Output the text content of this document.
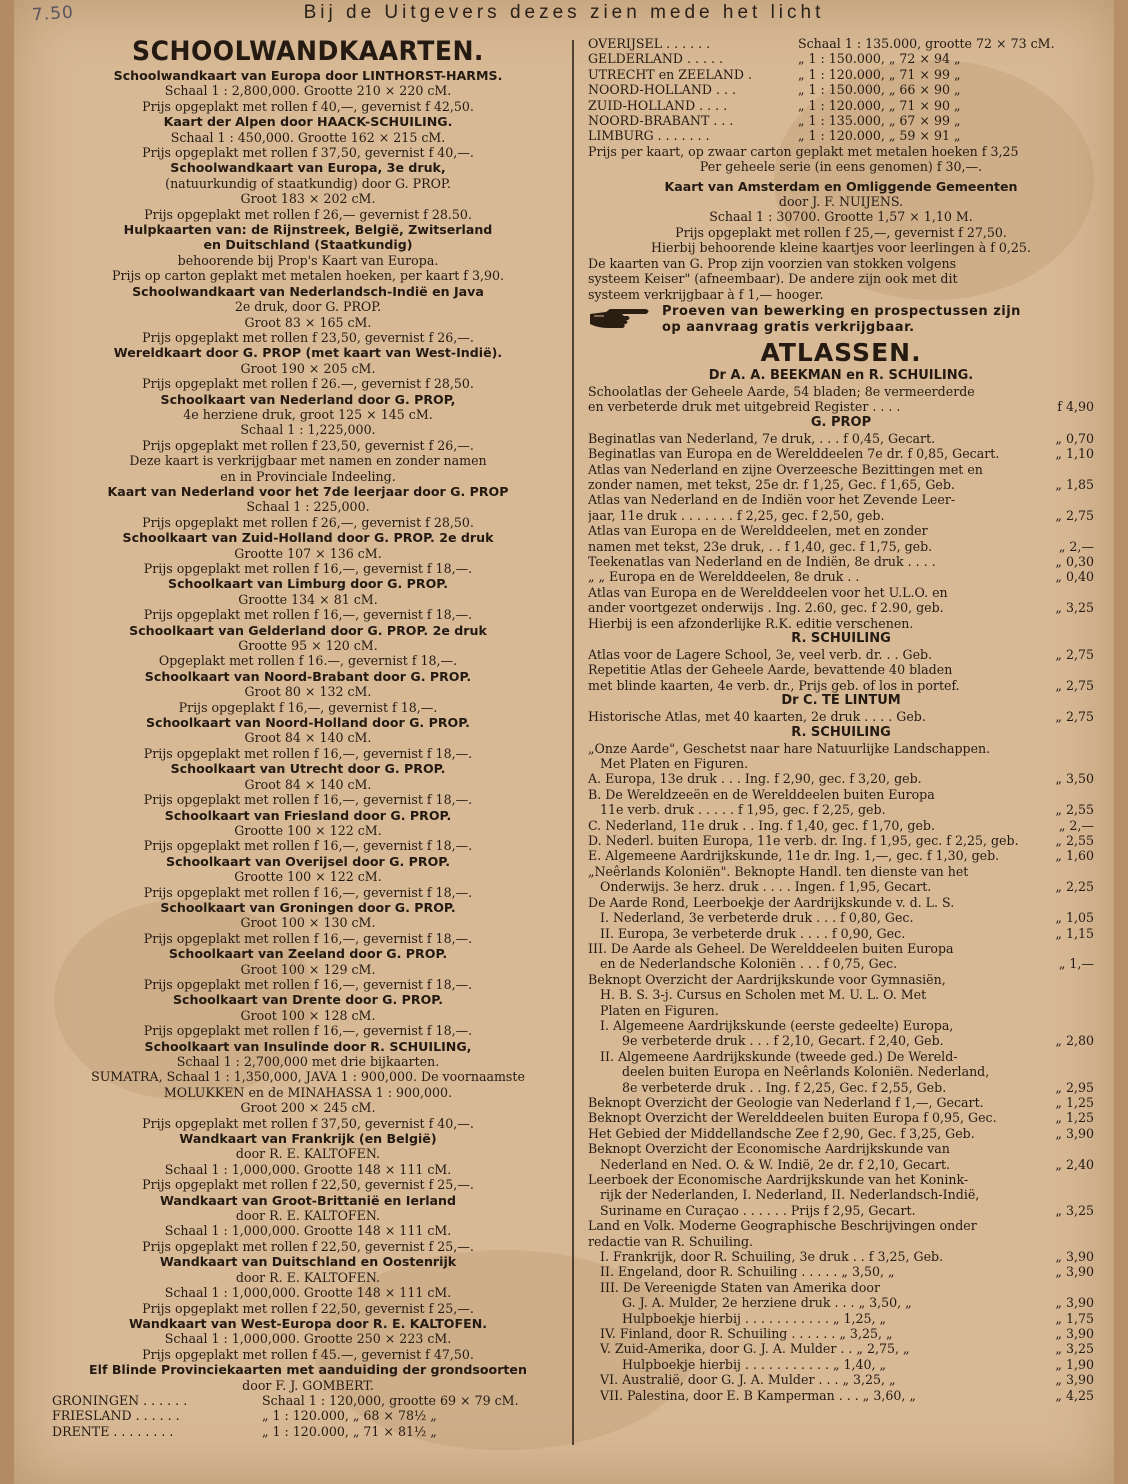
7.50	Bij de Uitgevers dezes zien mede het licht
SCHOOLWANDKAARTEN.
Schoolwandkaart van Europa door LINTHORST-HARMS.
Schaal 1 : 2,800,000. Grootte 210 × 220 cM.
Prijs opgeplakt met rollen f 40,—, gevernist f 42,50.
Kaart der Alpen door HAACK-SCHUILING.
Schaal 1 : 450,000. Grootte 162 × 215 cM.
Prijs opgeplakt met rollen f 37,50, gevernist f 40,—.
Schoolwandkaart van Europa, 3e druk,
(natuurkundig of staatkundig) door G. PROP.
Groot 183 × 202 cM.
Prijs opgeplakt met rollen f 26,— gevernist f 28.50.
Hulpkaarten van: de Rijnstreek, België, Zwitserland
en Duitschland (Staatkundig)
behoorende bij Prop's Kaart van Europa.
Prijs op carton geplakt met metalen hoeken, per kaart f 3,90.
Schoolwandkaart van Nederlandsch-Indië en Java
2e druk, door G. PROP.
Groot 83 × 165 cM.
Prijs opgeplakt met rollen f 23,50, gevernist f 26,—.
Wereldkaart door G. PROP (met kaart van West-Indië).
Groot 190 × 205 cM.
Prijs opgeplakt met rollen f 26.—, gevernist f 28,50.
Schoolkaart van Nederland door G. PROP,
4e herziene druk, groot 125 × 145 cM.
Schaal 1 : 1,225,000.
Prijs opgeplakt met rollen f 23,50, gevernist f 26,—.
Deze kaart is verkrijgbaar met namen en zonder namen
en in Provinciale Indeeling.
Kaart van Nederland voor het 7de leerjaar door G. PROP
Schaal 1 : 225,000.
Prijs opgeplakt met rollen f 26,—, gevernist f 28,50.
Schoolkaart van Zuid-Holland door G. PROP. 2e druk
Grootte 107 × 136 cM.
Prijs opgeplakt met rollen f 16,—, gevernist f 18,—.
Schoolkaart van Limburg door G. PROP.
Grootte 134 × 81 cM.
Prijs opgeplakt met rollen f 16,—, gevernist f 18,—.
Schoolkaart van Gelderland door G. PROP. 2e druk
Grootte 95 × 120 cM.
Opgeplakt met rollen f 16.—, gevernist f 18,—.
Schoolkaart van Noord-Brabant door G. PROP.
Groot 80 × 132 cM.
Prijs opgeplakt f 16,—, gevernist f 18,—.
Schoolkaart van Noord-Holland door G. PROP.
Groot 84 × 140 cM.
Prijs opgeplakt met rollen f 16,—, gevernist f 18,—.
Schoolkaart van Utrecht door G. PROP.
Groot 84 × 140 cM.
Prijs opgeplakt met rollen f 16,—, gevernist f 18,—.
Schoolkaart van Friesland door G. PROP.
Grootte 100 × 122 cM.
Prijs opgeplakt met rollen f 16,—, gevernist f 18,—.
Schoolkaart van Overijsel door G. PROP.
Grootte 100 × 122 cM.
Prijs opgeplakt met rollen f 16,—, gevernist f 18,—.
Schoolkaart van Groningen door G. PROP.
Groot 100 × 130 cM.
Prijs opgeplakt met rollen f 16,—, gevernist f 18,—.
Schoolkaart van Zeeland door G. PROP.
Groot 100 × 129 cM.
Prijs opgeplakt met rollen f 16,—, gevernist f 18,—.
Schoolkaart van Drente door G. PROP.
Groot 100 × 128 cM.
Prijs opgeplakt met rollen f 16,—, gevernist f 18,—.
Schoolkaart van Insulinde door R. SCHUILING,
Schaal 1 : 2,700,000 met drie bijkaarten.
SUMATRA, Schaal 1 : 1,350,000, JAVA 1 : 900,000. De voornaamste
MOLUKKEN en de MINAHASSA 1 : 900,000.
Groot 200 × 245 cM.
Prijs opgeplakt met rollen f 37,50, gevernist f 40,—.
Wandkaart van Frankrijk (en België)
door R. E. KALTOFEN.
Schaal 1 : 1,000,000. Grootte 148 × 111 cM.
Prijs opgeplakt met rollen f 22,50, gevernist f 25,—.
Wandkaart van Groot-Brittanië en Ierland
door R. E. KALTOFEN.
Schaal 1 : 1,000,000. Grootte 148 × 111 cM.
Prijs opgeplakt met rollen f 22,50, gevernist f 25,—.
Wandkaart van Duitschland en Oostenrijk
door R. E. KALTOFEN.
Schaal 1 : 1,000,000. Grootte 148 × 111 cM.
Prijs opgeplakt met rollen f 22,50, gevernist f 25,—.
Wandkaart van West-Europa door R. E. KALTOFEN.
Schaal 1 : 1,000,000. Grootte 250 × 223 cM.
Prijs opgeplakt met rollen f 45.—, gevernist f 47,50.
Elf Blinde Provinciekaarten met aanduiding der grondsoorten
door F. J. GOMBERT.
GRONINGEN . . . . . .	Schaal 1 : 120,000, grootte 69 × 79 cM.
FRIESLAND . . . . . .	„ 1 : 120.000, „ 68 × 78½ „
DRENTE . . . . . . . .	„ 1 : 120.000, „ 71 × 81½ „
OVERIJSEL . . . . . .	Schaal 1 : 135.000, grootte 72 × 73 cM.
GELDERLAND . . . . .	„ 1 : 150.000, „ 72 × 94 „
UTRECHT en ZEELAND .	„ 1 : 120.000, „ 71 × 99 „
NOORD-HOLLAND . . .	„ 1 : 150.000, „ 66 × 90 „
ZUID-HOLLAND . . . .	„ 1 : 120.000, „ 71 × 90 „
NOORD-BRABANT . . .	„ 1 : 135.000, „ 67 × 99 „
LIMBURG . . . . . . .	„ 1 : 120.000, „ 59 × 91 „
Prijs per kaart, op zwaar carton geplakt met metalen hoeken f 3,25
Per geheele serie (in eens genomen) f 30,—.
Kaart van Amsterdam en Omliggende Gemeenten
door J. F. NUIJENS.
Schaal 1 : 30700. Grootte 1,57 × 1,10 M.
Prijs opgeplakt met rollen f 25,—, gevernist f 27,50.
Hierbij behoorende kleine kaartjes voor leerlingen à f 0,25.
De kaarten van G. Prop zijn voorzien van stokken volgens
systeem Keiser" (afneembaar). De andere zijn ook met dit
systeem verkrijgbaar à f 1,— hooger.
Proeven van bewerking en prospectussen zijn
op aanvraag gratis verkrijgbaar.
ATLASSEN.
Dr A. A. BEEKMAN en R. SCHUILING.
Schoolatlas der Geheele Aarde, 54 bladen; 8e vermeerderde
en verbeterde druk met uitgebreid Register . . . .	f 4,90
G. PROP
Beginatlas van Nederland, 7e druk, . . . f 0,45, Gecart.	„ 0,70
Beginatlas van Europa en de Werelddeelen 7e dr. f 0,85, Gecart.	„ 1,10
Atlas van Nederland en zijne Overzeesche Bezittingen met en
zonder namen, met tekst, 25e dr. f 1,25, Gec. f 1,65, Geb.	„ 1,85
Atlas van Nederland en de Indiën voor het Zevende Leer-
jaar, 11e druk . . . . . . . f 2,25, gec. f 2,50, geb.	„ 2,75
Atlas van Europa en de Werelddeelen, met en zonder
namen met tekst, 23e druk, . . f 1,40, gec. f 1,75, geb.	„ 2,—
Teekenatlas van Nederland en de Indiën, 8e druk . . . .	„ 0,30
„ „ Europa en de Werelddeelen, 8e druk . .	„ 0,40
Atlas van Europa en de Werelddeelen voor het U.L.O. en
ander voortgezet onderwijs . Ing. 2.60, gec. f 2.90, geb.	„ 3,25
Hierbij is een afzonderlijke R.K. editie verschenen.
R. SCHUILING
Atlas voor de Lagere School, 3e, veel verb. dr. . . Geb.	„ 2,75
Repetitie Atlas der Geheele Aarde, bevattende 40 bladen
met blinde kaarten, 4e verb. dr., Prijs geb. of los in portef.	„ 2,75
Dr C. TE LINTUM
Historische Atlas, met 40 kaarten, 2e druk . . . . Geb.	„ 2,75
R. SCHUILING
„Onze Aarde", Geschetst naar hare Natuurlijke Landschappen.
Met Platen en Figuren.
A. Europa, 13e druk . . . Ing. f 2,90, gec. f 3,20, geb.	„ 3,50
B. De Wereldzeeën en de Werelddeelen buiten Europa
11e verb. druk . . . . . f 1,95, gec. f 2,25, geb.	„ 2,55
C. Nederland, 11e druk . . Ing. f 1,40, gec. f 1,70, geb.	„ 2,—
D. Nederl. buiten Europa, 11e verb. dr. Ing. f 1,95, gec. f 2,25, geb.	„ 2,55
E. Algemeene Aardrijkskunde, 11e dr. Ing. 1,—, gec. f 1,30, geb.	„ 1,60
„Neêrlands Koloniën". Beknopte Handl. ten dienste van het
Onderwijs. 3e herz. druk . . . . Ingen. f 1,95, Gecart.	„ 2,25
De Aarde Rond, Leerboekje der Aardrijkskunde v. d. L. S.
I. Nederland, 3e verbeterde druk . . . f 0,80, Gec.	„ 1,05
II. Europa, 3e verbeterde druk . . . . f 0,90, Gec.	„ 1,15
III. De Aarde als Geheel. De Werelddeelen buiten Europa
en de Nederlandsche Koloniën . . . f 0,75, Gec.	„ 1,—
Beknopt Overzicht der Aardrijkskunde voor Gymnasiën,
H. B. S. 3-j. Cursus en Scholen met M. U. L. O. Met
Platen en Figuren.
I. Algemeene Aardrijkskunde (eerste gedeelte) Europa,
9e verbeterde druk . . . f 2,10, Gecart. f 2,40, Geb.	„ 2,80
II. Algemeene Aardrijkskunde (tweede ged.) De Wereld-
deelen buiten Europa en Neêrlands Koloniën. Nederland,
8e verbeterde druk . . Ing. f 2,25, Gec. f 2,55, Geb.	„ 2,95
Beknopt Overzicht der Geologie van Nederland f 1,—, Gecart.	„ 1,25
Beknopt Overzicht der Werelddeelen buiten Europa f 0,95, Gec.	„ 1,25
Het Gebied der Middellandsche Zee f 2,90, Gec. f 3,25, Geb.	„ 3,90
Beknopt Overzicht der Economische Aardrijkskunde van
Nederland en Ned. O. & W. Indië, 2e dr. f 2,10, Gecart.	„ 2,40
Leerboek der Economische Aardrijkskunde van het Konink-
rijk der Nederlanden, I. Nederland, II. Nederlandsch-Indië,
Suriname en Curaçao . . . . . . Prijs f 2,95, Gecart.	„ 3,25
Land en Volk. Moderne Geographische Beschrijvingen onder
redactie van R. Schuiling.
I. Frankrijk, door R. Schuiling, 3e druk . . f 3,25, Geb.	„ 3,90
II. Engeland, door R. Schuiling . . . . . „ 3,50, „	„ 3,90
III. De Vereenigde Staten van Amerika door
G. J. A. Mulder, 2e herziene druk . . . „ 3,50, „	„ 3,90
Hulpboekje hierbij . . . . . . . . . . . „ 1,25, „	„ 1,75
IV. Finland, door R. Schuiling . . . . . . „ 3,25, „	„ 3,90
V. Zuid-Amerika, door G. J. A. Mulder . . „ 2,75, „	„ 3,25
Hulpboekje hierbij . . . . . . . . . . . „ 1,40, „	„ 1,90
VI. Australië, door G. J. A. Mulder . . . „ 3,25, „	„ 3,90
VII. Palestina, door E. B Kamperman . . . „ 3,60, „	„ 4,25
